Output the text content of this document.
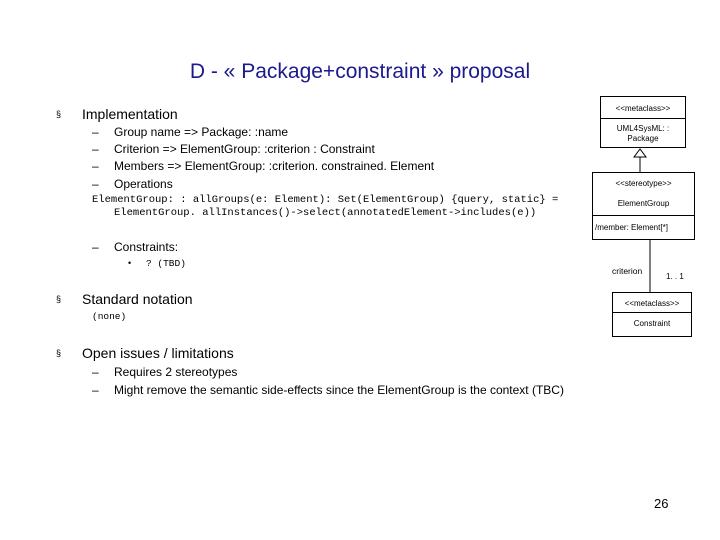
D - « Package+constraint » proposal
§ Implementation
– Group name => Package: :name
– Criterion => ElementGroup: :criterion : Constraint
– Members => ElementGroup: :criterion. constrained. Element
– Operations
ElementGroup: : allGroups(e: Element): Set(ElementGroup) {query, static} =
ElementGroup. allInstances()->select(annotatedElement->includes(e))
– Constraints:
• ? (TBD)
§ Standard notation
(none)
§ Open issues / limitations
– Requires 2 stereotypes
– Might remove the semantic side-effects since the ElementGroup is the context (TBC)
<<metaclass>>
UML4SysML: :
Package
<<stereotype>>
ElementGroup
/member: Element[*]
criterion
1. . 1
<<metaclass>>
Constraint
26
